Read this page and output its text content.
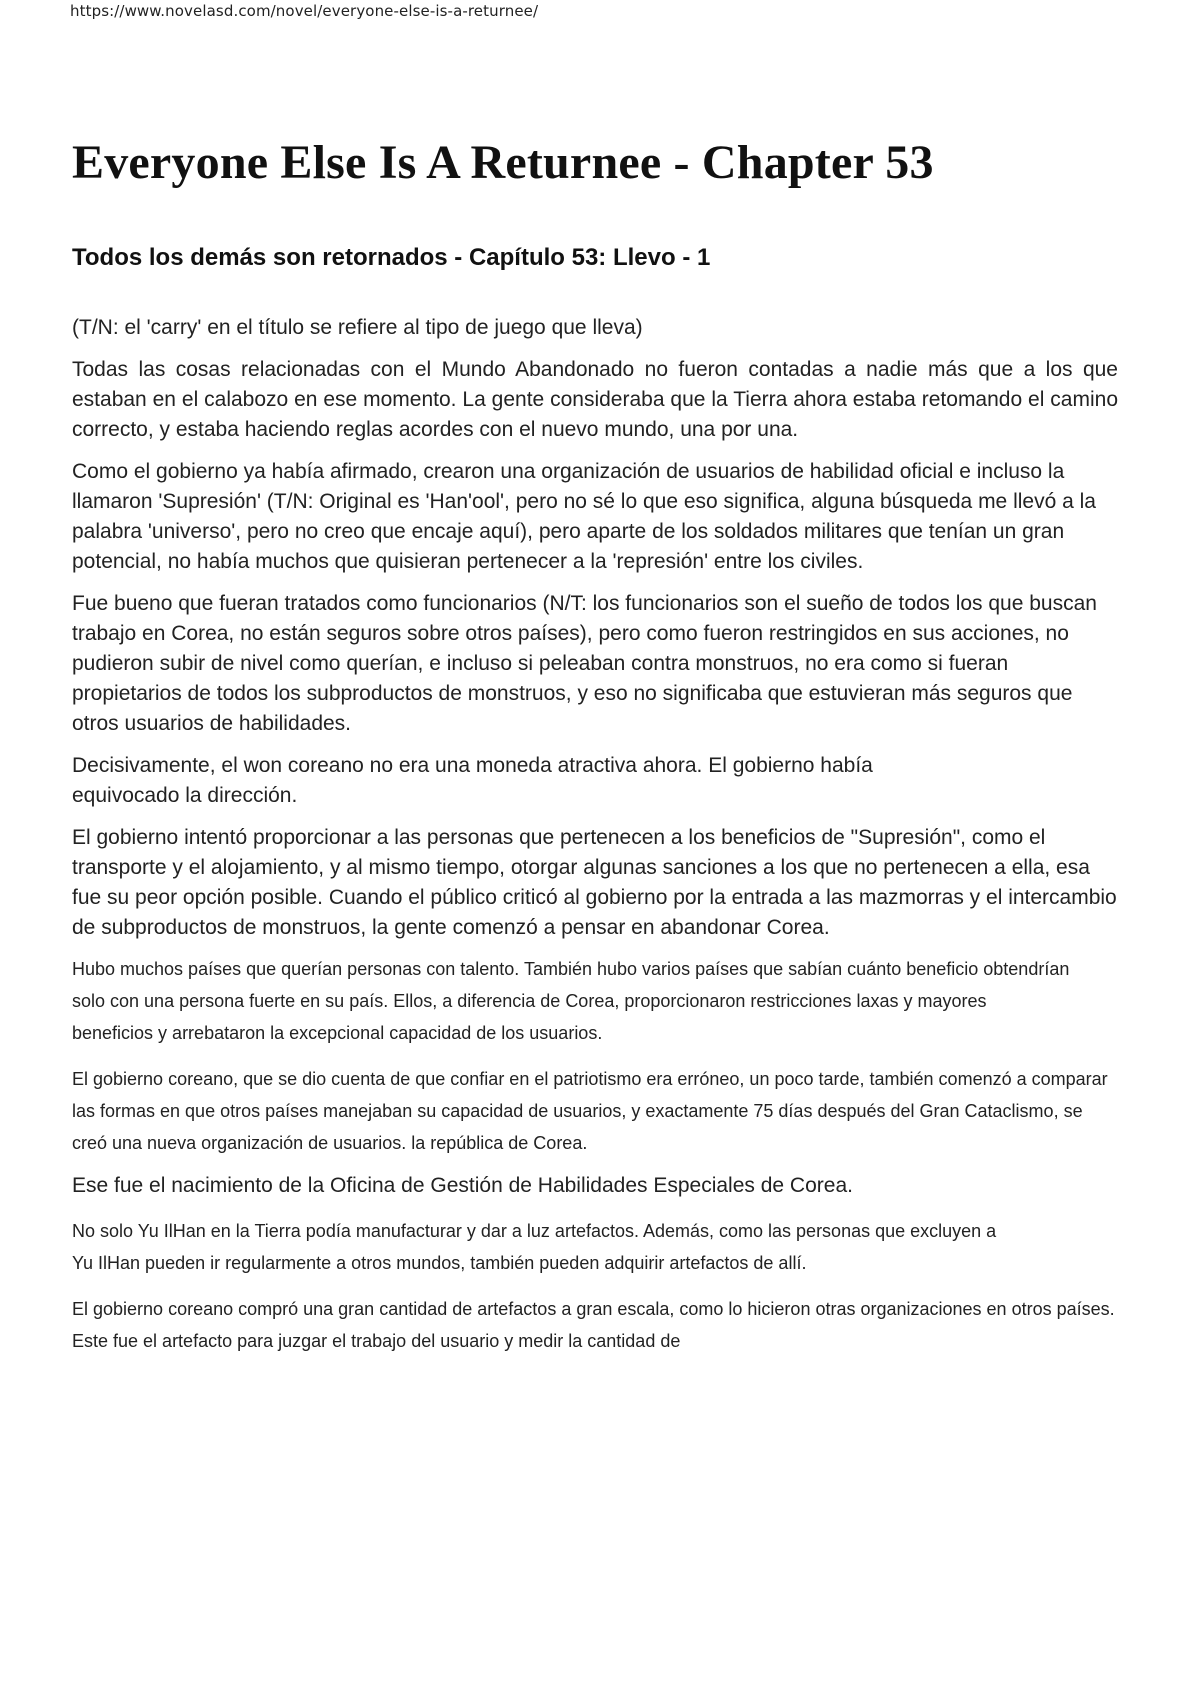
https://www.novelasd.com/novel/everyone-else-is-a-returnee/
Everyone Else Is A Returnee - Chapter 53
Todos los demás son retornados - Capítulo 53: Llevo - 1

(T/N: el 'carry' en el título se refiere al tipo de juego que lleva)

Todas las cosas relacionadas con el Mundo Abandonado no fueron contadas a nadie más que a los que estaban en el calabozo en ese momento. La gente consideraba que la Tierra ahora estaba retomando el camino correcto, y estaba haciendo reglas acordes con el nuevo mundo, una por una.

Como el gobierno ya había afirmado, crearon una organización de usuarios de habilidad oficial e incluso la llamaron 'Supresión' (T/N: Original es 'Han'ool', pero no sé lo que eso significa, alguna búsqueda me llevó a la palabra 'universo', pero no creo que encaje aquí), pero aparte de los soldados militares que tenían un gran potencial, no había muchos que quisieran pertenecer a la 'represión' entre los civiles.

Fue bueno que fueran tratados como funcionarios (N/T: los funcionarios son el sueño de todos los que buscan trabajo en Corea, no están seguros sobre otros países), pero como fueron restringidos en sus acciones, no pudieron subir de nivel como querían, e incluso si peleaban contra monstruos, no era como si fueran propietarios de todos los subproductos de monstruos, y eso no significaba que estuvieran más seguros que otros usuarios de habilidades.

Decisivamente, el won coreano no era una moneda atractiva ahora. El gobierno había equivocado la dirección.

El gobierno intentó proporcionar a las personas que pertenecen a los beneficios de "Supresión", como el transporte y el alojamiento, y al mismo tiempo, otorgar algunas sanciones a los que no pertenecen a ella, esa fue su peor opción posible. Cuando el público criticó al gobierno por la entrada a las mazmorras y el intercambio de subproductos de monstruos, la gente comenzó a pensar en abandonar Corea.

Hubo muchos países que querían personas con talento. También hubo varios países que sabían cuánto beneficio obtendrían solo con una persona fuerte en su país. Ellos, a diferencia de Corea, proporcionaron restricciones laxas y mayores beneficios y arrebataron la excepcional capacidad de los usuarios.

El gobierno coreano, que se dio cuenta de que confiar en el patriotismo era erróneo, un poco tarde, también comenzó a comparar las formas en que otros países manejaban su capacidad de usuarios, y exactamente 75 días después del Gran Cataclismo, se creó una nueva organización de usuarios. la república de Corea.

Ese fue el nacimiento de la Oficina de Gestión de Habilidades Especiales de Corea.

No solo Yu IlHan en la Tierra podía manufacturar y dar a luz artefactos. Además, como las personas que excluyen a Yu IlHan pueden ir regularmente a otros mundos, también pueden adquirir artefactos de allí.

El gobierno coreano compró una gran cantidad de artefactos a gran escala, como lo hicieron otras organizaciones en otros países. Este fue el artefacto para juzgar el trabajo del usuario y medir la cantidad de
